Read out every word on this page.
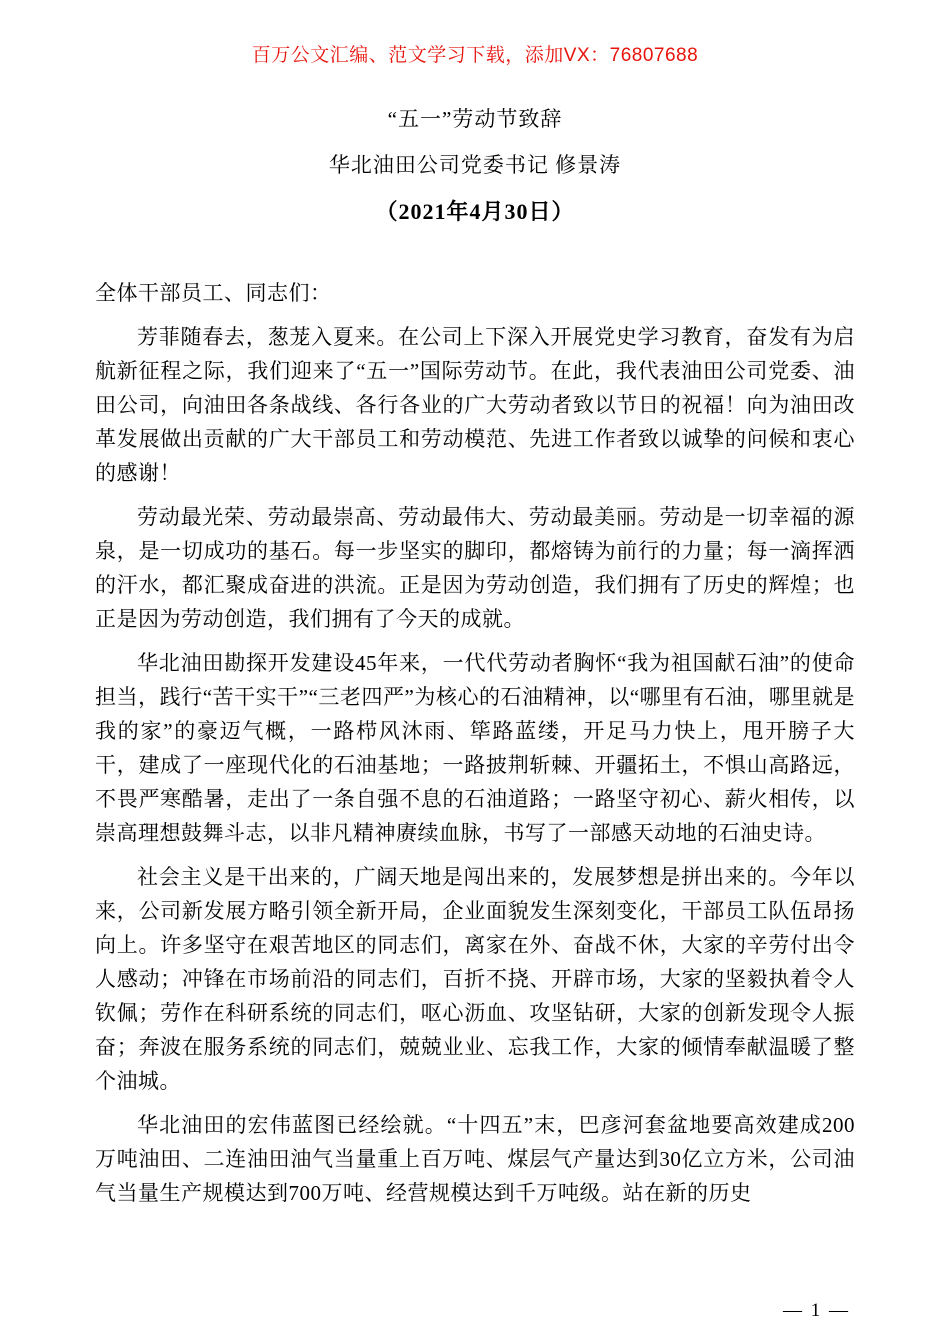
百万公文汇编、范文学习下载，添加VX：76807688
“五一”劳动节致辞
华北油田公司党委书记 修景涛
（2021年4月30日）

全体干部员工、同志们：

芳菲随春去，葱茏入夏来。在公司上下深入开展党史学习教育，奋发有为启航新征程之际，我们迎来了“五一”国际劳动节。在此，我代表油田公司党委、油田公司，向油田各条战线、各行各业的广大劳动者致以节日的祝福！向为油田改革发展做出贡献的广大干部员工和劳动模范、先进工作者致以诚挚的问候和衷心的感谢！

劳动最光荣、劳动最崇高、劳动最伟大、劳动最美丽。劳动是一切幸福的源泉，是一切成功的基石。每一步坚实的脚印，都熔铸为前行的力量；每一滴挥洒的汗水，都汇聚成奋进的洪流。正是因为劳动创造，我们拥有了历史的辉煌；也正是因为劳动创造，我们拥有了今天的成就。

华北油田勘探开发建设45年来，一代代劳动者胸怀“我为祖国献石油”的使命担当，践行“苦干实干”“三老四严”为核心的石油精神，以“哪里有石油，哪里就是我的家”的豪迈气概，一路栉风沐雨、筚路蓝缕，开足马力快上，甩开膀子大干，建成了一座现代化的石油基地；一路披荆斩棘、开疆拓土，不惧山高路远，不畏严寒酷暑，走出了一条自强不息的石油道路；一路坚守初心、薪火相传，以崇高理想鼓舞斗志，以非凡精神赓续血脉，书写了一部感天动地的石油史诗。

社会主义是干出来的，广阔天地是闯出来的，发展梦想是拼出来的。今年以来，公司新发展方略引领全新开局，企业面貌发生深刻变化，干部员工队伍昂扬向上。许多坚守在艰苦地区的同志们，离家在外、奋战不休，大家的辛劳付出令人感动；冲锋在市场前沿的同志们，百折不挠、开辟市场，大家的坚毅执着令人钦佩；劳作在科研系统的同志们，呕心沥血、攻坚钻研，大家的创新发现令人振奋；奔波在服务系统的同志们，兢兢业业、忘我工作，大家的倾情奉献温暖了整个油城。

华北油田的宏伟蓝图已经绘就。“十四五”末，巴彦河套盆地要高效建成200万吨油田、二连油田油气当量重上百万吨、煤层气产量达到30亿立方米，公司油气当量生产规模达到700万吨、经营规模达到千万吨级。站在新的历史

— 1 —
